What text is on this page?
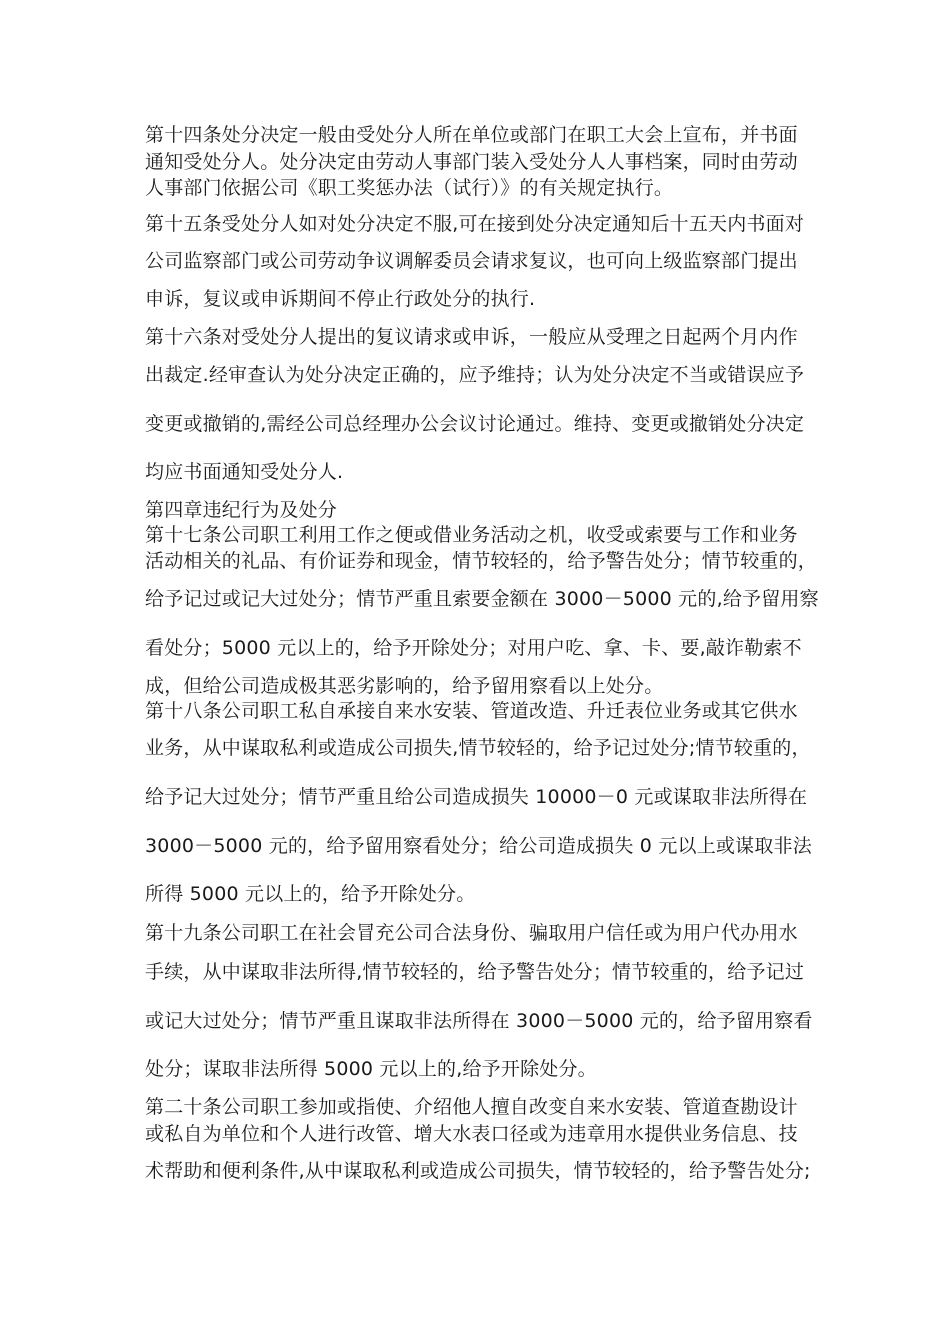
第十四条处分决定一般由受处分人所在单位或部门在职工大会上宣布，并书面
通知受处分人。处分决定由劳动人事部门装入受处分人人事档案，同时由劳动
人事部门依据公司《职工奖惩办法（试行）》的有关规定执行。
第十五条受处分人如对处分决定不服,可在接到处分决定通知后十五天内书面对
公司监察部门或公司劳动争议调解委员会请求复议，也可向上级监察部门提出
申诉，复议或申诉期间不停止行政处分的执行.
第十六条对受处分人提出的复议请求或申诉，一般应从受理之日起两个月内作
出裁定.经审查认为处分决定正确的，应予维持；认为处分决定不当或错误应予
变更或撤销的,需经公司总经理办公会议讨论通过。维持、变更或撤销处分决定
均应书面通知受处分人.
第四章违纪行为及处分
第十七条公司职工利用工作之便或借业务活动之机，收受或索要与工作和业务
活动相关的礼品、有价证券和现金，情节较轻的，给予警告处分；情节较重的，
给予记过或记大过处分；情节严重且索要金额在 3000－5000 元的,给予留用察
看处分；5000 元以上的，给予开除处分；对用户吃、拿、卡、要,敲诈勒索不
成，但给公司造成极其恶劣影响的，给予留用察看以上处分。
第十八条公司职工私自承接自来水安装、管道改造、升迁表位业务或其它供水
业务，从中谋取私利或造成公司损失,情节较轻的，给予记过处分;情节较重的，
给予记大过处分；情节严重且给公司造成损失 10000－0 元或谋取非法所得在
3000－5000 元的，给予留用察看处分；给公司造成损失 0 元以上或谋取非法
所得 5000 元以上的，给予开除处分。
第十九条公司职工在社会冒充公司合法身份、骗取用户信任或为用户代办用水
手续，从中谋取非法所得,情节较轻的，给予警告处分；情节较重的，给予记过
或记大过处分；情节严重且谋取非法所得在 3000－5000 元的，给予留用察看
处分；谋取非法所得 5000 元以上的,给予开除处分。
第二十条公司职工参加或指使、介绍他人擅自改变自来水安装、管道查勘设计
或私自为单位和个人进行改管、增大水表口径或为违章用水提供业务信息、技
术帮助和便利条件,从中谋取私利或造成公司损失，情节较轻的，给予警告处分;
